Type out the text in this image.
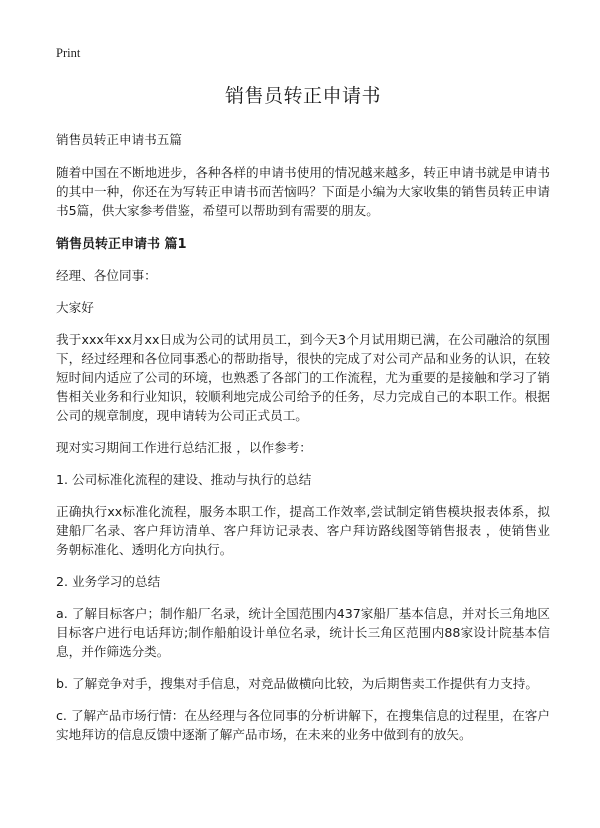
Print
销售员转正申请书

销售员转正申请书五篇

随着中国在不断地进步，各种各样的申请书使用的情况越来越多，转正申请书就是申请书的其中一种，你还在为写转正申请书而苦恼吗？下面是小编为大家收集的销售员转正申请书5篇，供大家参考借鉴，希望可以帮助到有需要的朋友。

销售员转正申请书 篇1

经理、各位同事：

大家好

我于xxx年xx月xx日成为公司的试用员工，到今天3个月试用期已满，在公司融洽的氛围下，经过经理和各位同事悉心的帮助指导，很快的完成了对公司产品和业务的认识，在较短时间内适应了公司的环境，也熟悉了各部门的工作流程，尤为重要的是接触和学习了销售相关业务和行业知识，较顺利地完成公司给予的任务，尽力完成自己的本职工作。根据公司的规章制度，现申请转为公司正式员工。

现对实习期间工作进行总结汇报 ，以作参考：

1. 公司标准化流程的建设、推动与执行的总结

正确执行xx标准化流程，服务本职工作，提高工作效率,尝试制定销售模块报表体系，拟建船厂名录、客户拜访清单、客户拜访记录表、客户拜访路线图等销售报表 ，使销售业务朝标准化、透明化方向执行。

2. 业务学习的总结

a. 了解目标客户；制作船厂名录，统计全国范围内437家船厂基本信息，并对长三角地区目标客户进行电话拜访;制作船舶设计单位名录，统计长三角区范围内88家设计院基本信息，并作筛选分类。

b. 了解竞争对手，搜集对手信息，对竞品做横向比较，为后期售卖工作提供有力支持。

c. 了解产品市场行情：在丛经理与各位同事的分析讲解下，在搜集信息的过程里，在客户实地拜访的信息反馈中逐渐了解产品市场，在未来的业务中做到有的放矢。
